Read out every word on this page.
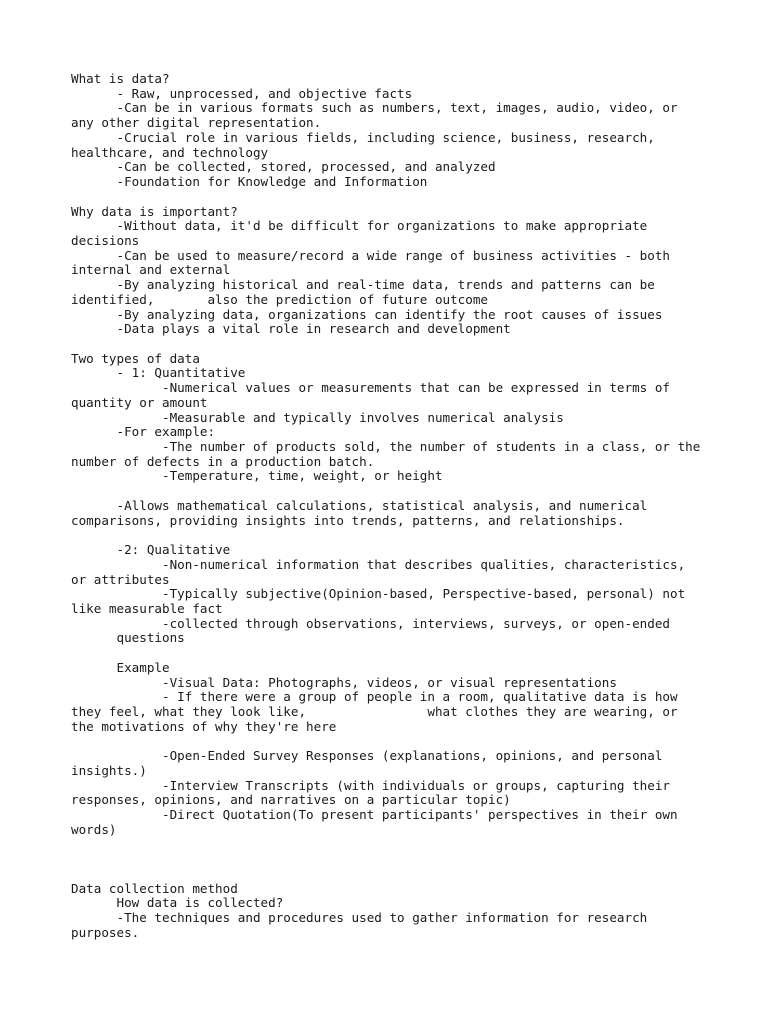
What is data?
- Raw, unprocessed, and objective facts
-Can be in various formats such as numbers, text, images, audio, video, or
any other digital representation.
-Crucial role in various fields, including science, business, research,
healthcare, and technology
-Can be collected, stored, processed, and analyzed
-Foundation for Knowledge and Information
Why data is important?
-Without data, it'd be difficult for organizations to make appropriate
decisions
-Can be used to measure/record a wide range of business activities - both
internal and external
-By analyzing historical and real-time data, trends and patterns can be
identified,       also the prediction of future outcome
-By analyzing data, organizations can identify the root causes of issues
-Data plays a vital role in research and development
Two types of data
- 1: Quantitative
-Numerical values or measurements that can be expressed in terms of
quantity or amount
-Measurable and typically involves numerical analysis
-For example:
-The number of products sold, the number of students in a class, or the
number of defects in a production batch.
-Temperature, time, weight, or height
-Allows mathematical calculations, statistical analysis, and numerical
comparisons, providing insights into trends, patterns, and relationships.
-2: Qualitative
-Non-numerical information that describes qualities, characteristics,
or attributes
-Typically subjective(Opinion-based, Perspective-based, personal) not
like measurable fact
-collected through observations, interviews, surveys, or open-ended
questions
Example
-Visual Data: Photographs, videos, or visual representations
- If there were a group of people in a room, qualitative data is how
they feel, what they look like,                what clothes they are wearing, or
the motivations of why they're here
-Open-Ended Survey Responses (explanations, opinions, and personal
insights.)
-Interview Transcripts (with individuals or groups, capturing their
responses, opinions, and narratives on a particular topic)
-Direct Quotation(To present participants' perspectives in their own
words)
Data collection method
How data is collected?
-The techniques and procedures used to gather information for research
purposes.
